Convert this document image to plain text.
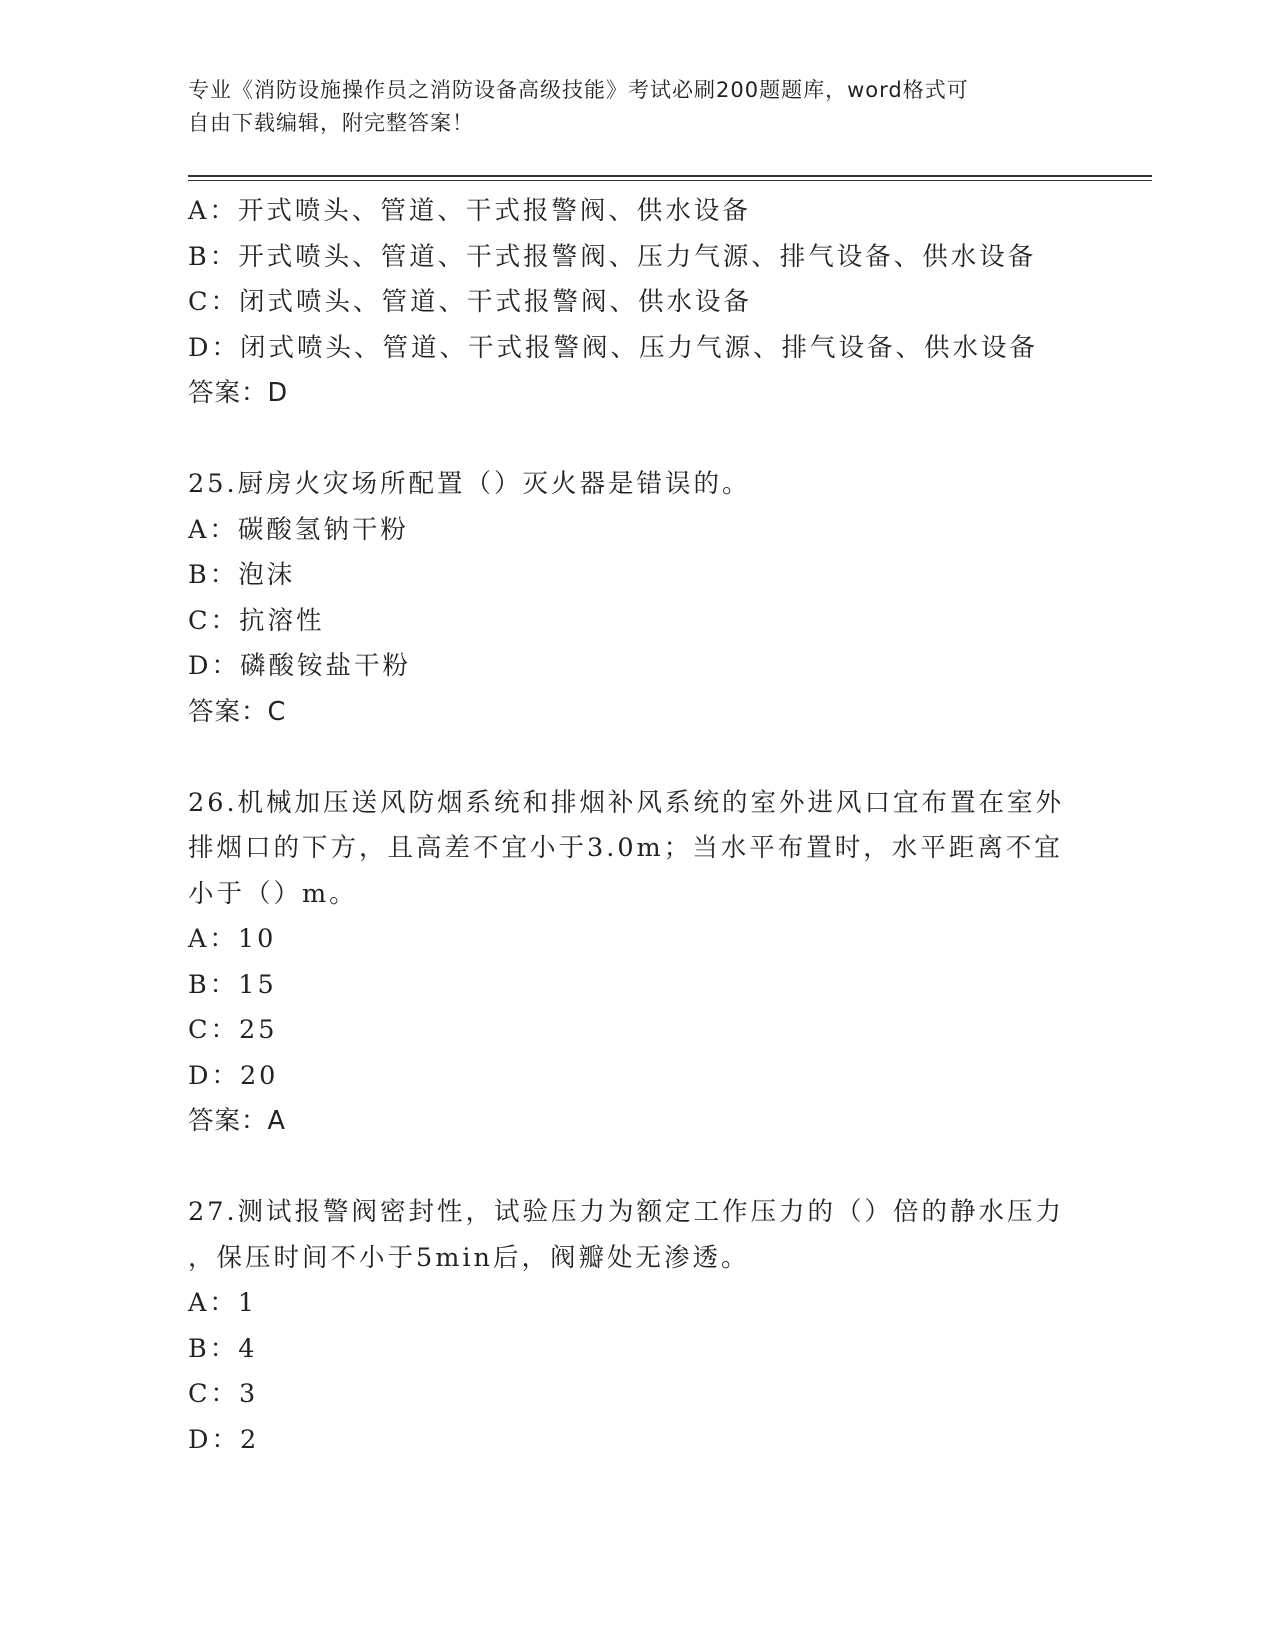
专业《消防设施操作员之消防设备高级技能》考试必刷200题题库，word格式可
自由下载编辑，附完整答案！
A：开式喷头、管道、干式报警阀、供水设备
B：开式喷头、管道、干式报警阀、压力气源、排气设备、供水设备
C：闭式喷头、管道、干式报警阀、供水设备
D：闭式喷头、管道、干式报警阀、压力气源、排气设备、供水设备
答案：D
25.厨房火灾场所配置（）灭火器是错误的。
A：碳酸氢钠干粉
B：泡沫
C：抗溶性
D：磷酸铵盐干粉
答案：C
26.机械加压送风防烟系统和排烟补风系统的室外进风口宜布置在室外
排烟口的下方，且高差不宜小于3.0m；当水平布置时，水平距离不宜
小于（）m。
A：10
B：15
C：25
D：20
答案：A
27.测试报警阀密封性，试验压力为额定工作压力的（）倍的静水压力
，保压时间不小于5min后，阀瓣处无渗透。
A：1
B：4
C：3
D：2
